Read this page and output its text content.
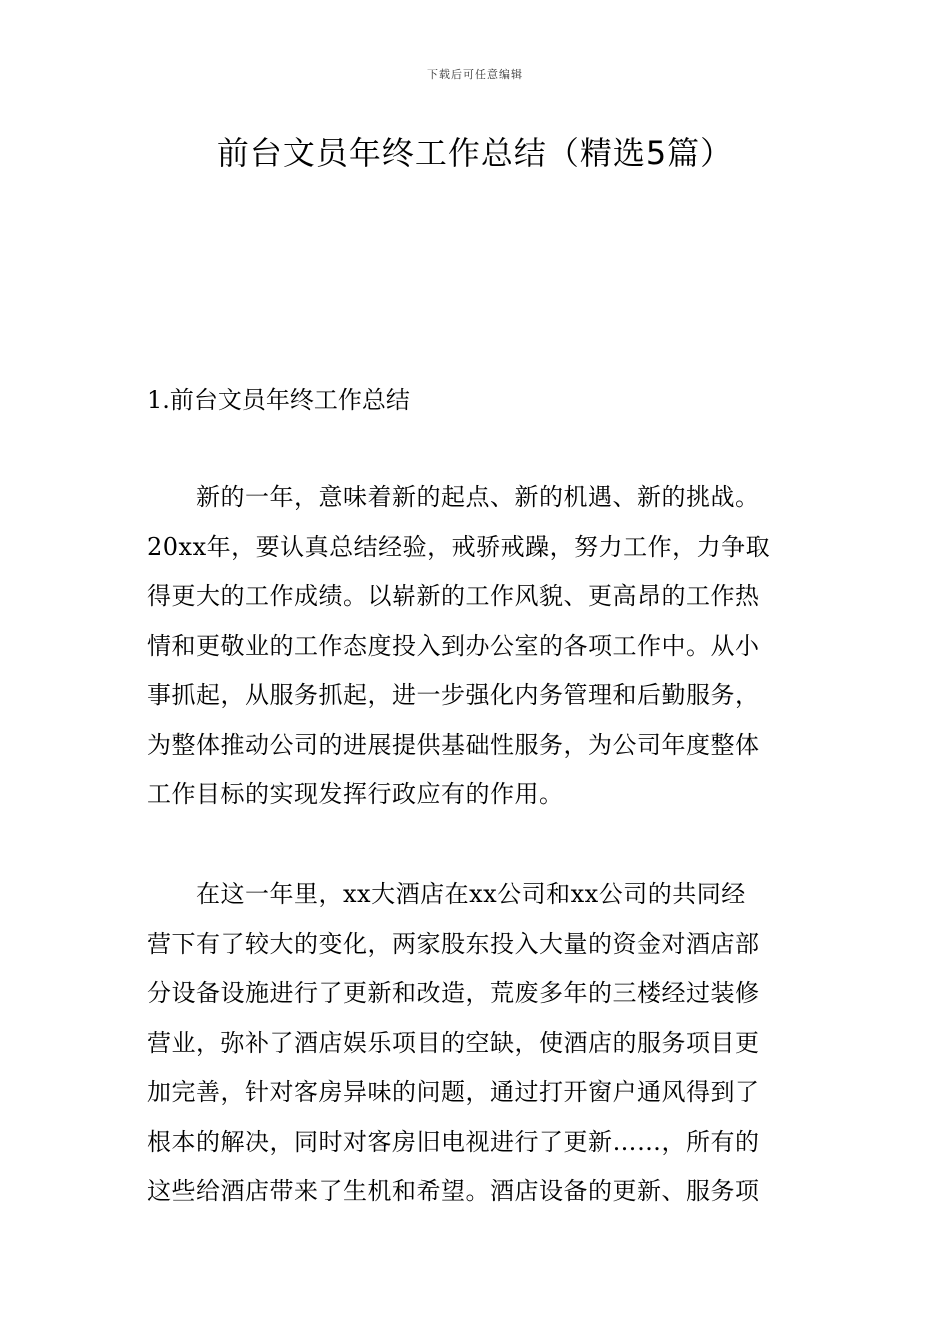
下载后可任意编辑
前台文员年终工作总结（精选5篇）
1.前台文员年终工作总结
　　新的一年，意味着新的起点、新的机遇、新的挑战。
20xx年，要认真总结经验，戒骄戒躁，努力工作，力争取
得更大的工作成绩。以崭新的工作风貌、更高昂的工作热
情和更敬业的工作态度投入到办公室的各项工作中。从小
事抓起，从服务抓起，进一步强化内务管理和后勤服务，
为整体推动公司的进展提供基础性服务，为公司年度整体
工作目标的实现发挥行政应有的作用。
　　在这一年里，xx大酒店在xx公司和xx公司的共同经
营下有了较大的变化，两家股东投入大量的资金对酒店部
分设备设施进行了更新和改造，荒废多年的三楼经过装修
营业，弥补了酒店娱乐项目的空缺，使酒店的服务项目更
加完善，针对客房异味的问题，通过打开窗户通风得到了
根本的解决，同时对客房旧电视进行了更新……，所有的
这些给酒店带来了生机和希望。酒店设备的更新、服务项
